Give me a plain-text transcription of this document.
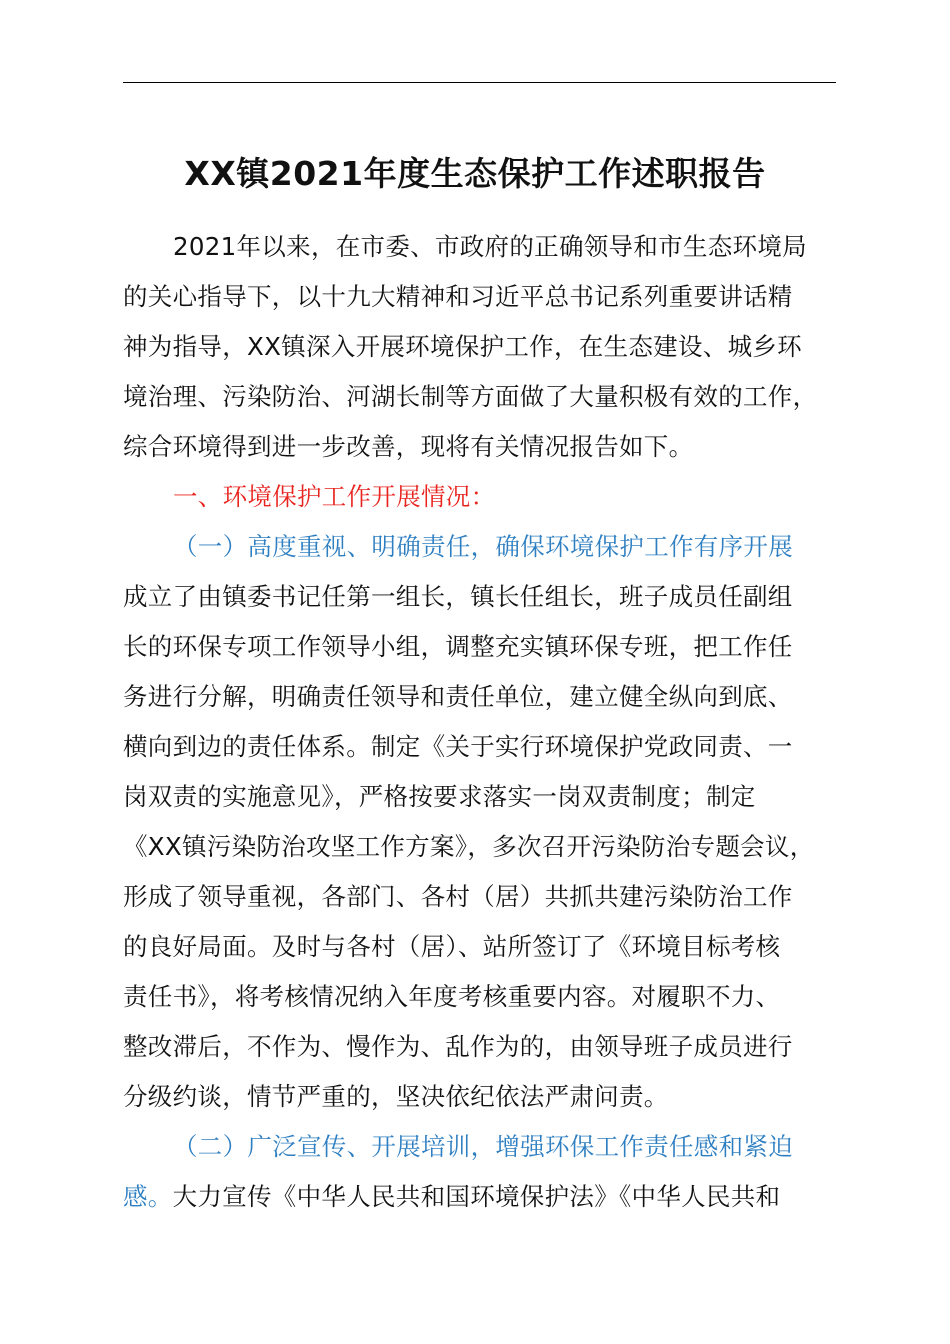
XX镇2021年度生态保护工作述职报告
2021年以来，在市委、市政府的正确领导和市生态环境局
的关心指导下，以十九大精神和习近平总书记系列重要讲话精
神为指导，XX镇深入开展环境保护工作，在生态建设、城乡环
境治理、污染防治、河湖长制等方面做了大量积极有效的工作，
综合环境得到进一步改善，现将有关情况报告如下。
一、环境保护工作开展情况：
（一）高度重视、明确责任，确保环境保护工作有序开展
成立了由镇委书记任第一组长，镇长任组长，班子成员任副组
长的环保专项工作领导小组，调整充实镇环保专班，把工作任
务进行分解，明确责任领导和责任单位，建立健全纵向到底、
横向到边的责任体系。制定《关于实行环境保护党政同责、一
岗双责的实施意见》，严格按要求落实一岗双责制度；制定
《XX镇污染防治攻坚工作方案》，多次召开污染防治专题会议，
形成了领导重视，各部门、各村（居）共抓共建污染防治工作
的良好局面。及时与各村（居）、站所签订了《环境目标考核
责任书》，将考核情况纳入年度考核重要内容。对履职不力、
整改滞后，不作为、慢作为、乱作为的，由领导班子成员进行
分级约谈，情节严重的，坚决依纪依法严肃问责。
（二）广泛宣传、开展培训，增强环保工作责任感和紧迫
感。大力宣传《中华人民共和国环境保护法》《中华人民共和
